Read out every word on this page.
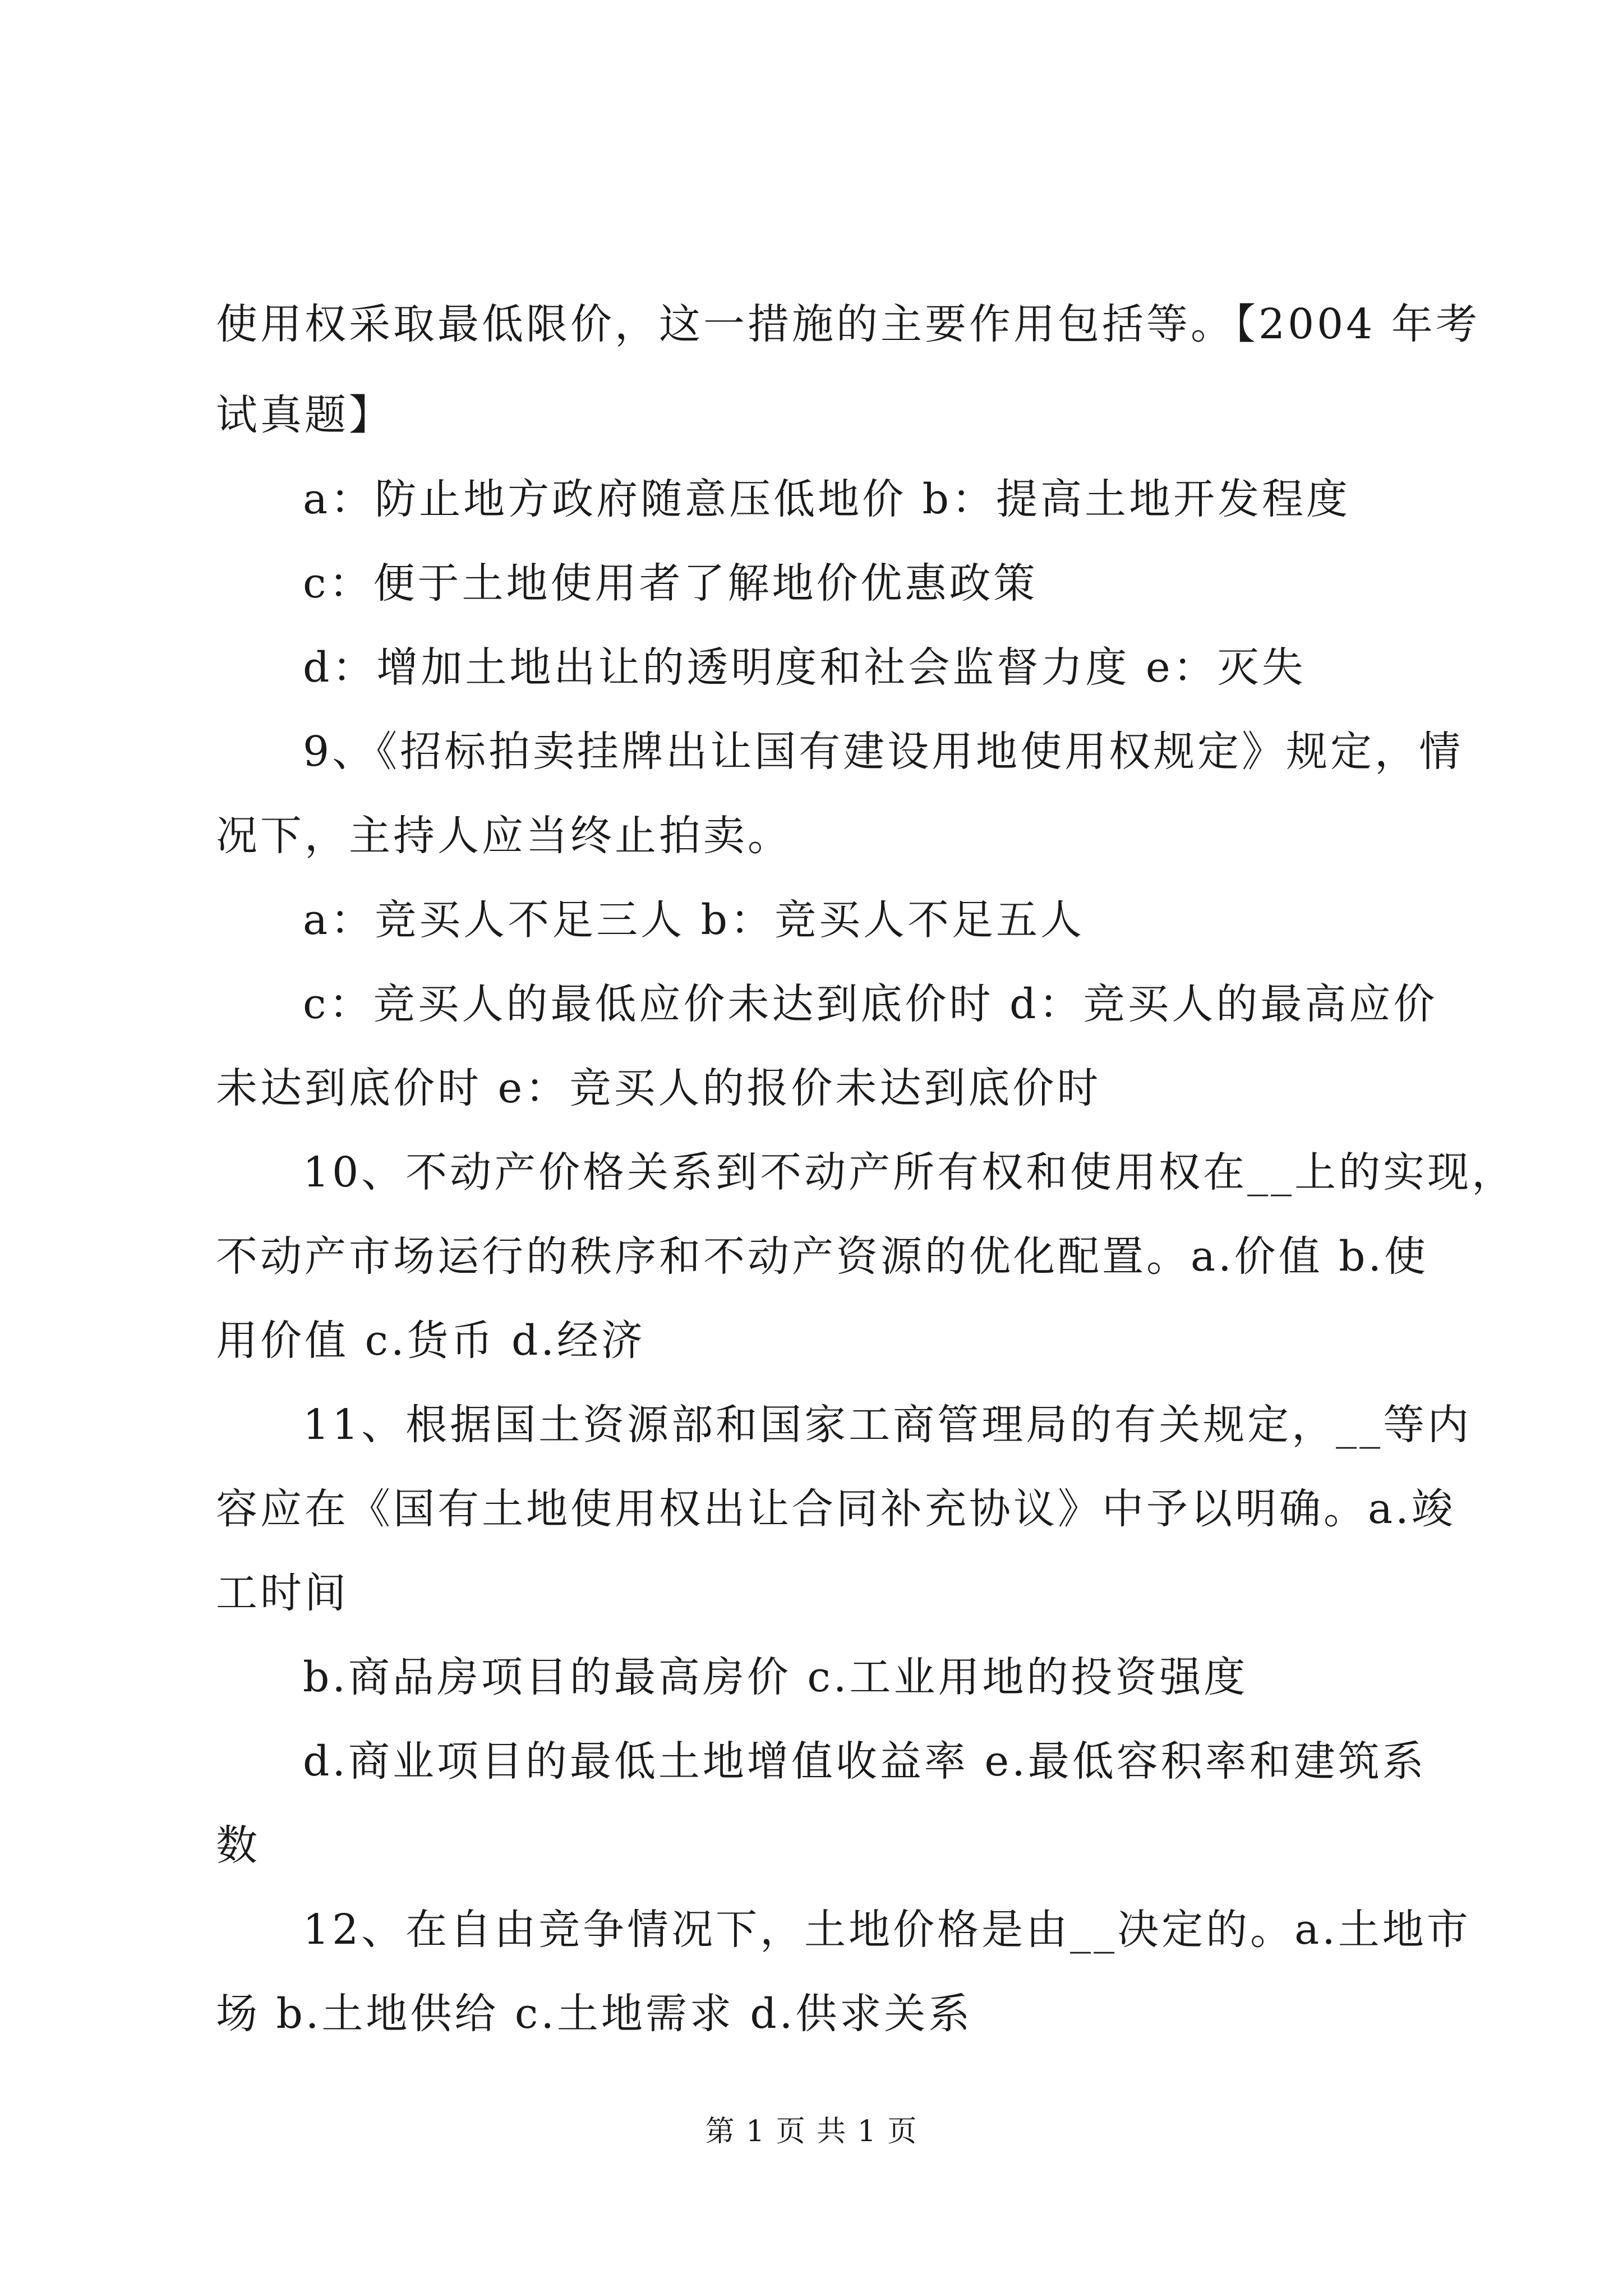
使用权采取最低限价，这一措施的主要作用包括等。【2004 年考
试真题】
a：防止地方政府随意压低地价 b：提高土地开发程度
c：便于土地使用者了解地价优惠政策
d：增加土地出让的透明度和社会监督力度 e：灭失
9、《招标拍卖挂牌出让国有建设用地使用权规定》规定，情
况下，主持人应当终止拍卖。
a：竞买人不足三人 b：竞买人不足五人
c：竞买人的最低应价未达到底价时 d：竞买人的最高应价
未达到底价时 e：竞买人的报价未达到底价时
10、不动产价格关系到不动产所有权和使用权在__上的实现，
不动产市场运行的秩序和不动产资源的优化配置。a.价值 b.使
用价值 c.货币 d.经济
11、根据国土资源部和国家工商管理局的有关规定，__等内
容应在《国有土地使用权出让合同补充协议》中予以明确。a.竣
工时间
b.商品房项目的最高房价 c.工业用地的投资强度
d.商业项目的最低土地增值收益率 e.最低容积率和建筑系
数
12、在自由竞争情况下，土地价格是由__决定的。a.土地市
场 b.土地供给 c.土地需求 d.供求关系
第 1 页 共 1 页
